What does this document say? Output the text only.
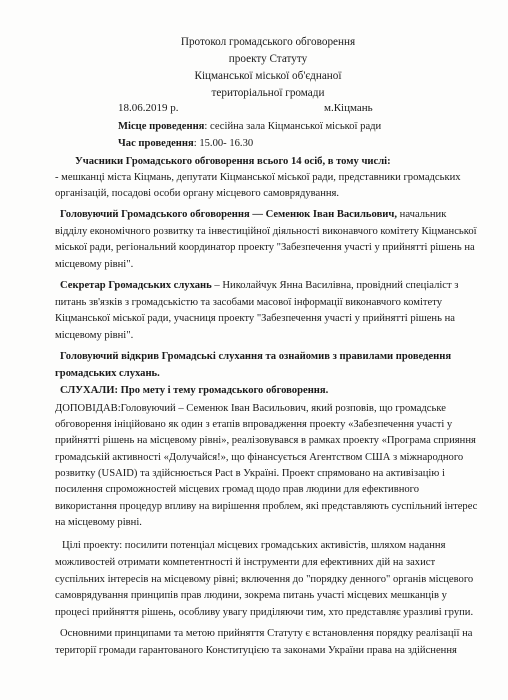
Протокол громадського обговорення
проекту Статуту
Кіцманської міської об'єднаної
територіальної громади
18.06.2019 р.	м.Кіцмань
Місце проведення: сесійна зала Кіцманської міської ради
Час проведення: 15.00- 16.30
Учасники Громадського обговорення всього 14 осіб, в тому числі:
- мешканці міста Кіцмань, депутати Кіцманської міської ради, представники громадських
організацій, посадові особи органу місцевого самоврядування.
Головуючий Громадського обговорення — Семенюк Іван Васильович, начальник
відділу економічного розвитку та інвестиційної діяльності виконавчого комітету Кіцманської
міської ради, регіональний координатор проекту "Забезпечення участі у прийнятті рішень на
місцевому рівні".
Секретар Громадських слухань – Николайчук Янна Василівна, провідний спеціаліст з
питань зв'язків з громадськістю та засобами масової інформації виконавчого комітету
Кіцманської міської ради, учасниця проекту "Забезпечення участі у прийнятті рішень на
місцевому рівні".
Головуючий відкрив Громадські слухання та ознайомив з правилами проведення
громадських слухань.
СЛУХАЛИ: Про мету і тему громадського обговорення.
ДОПОВІДАВ:Головуючий – Семенюк Іван Васильович, який розповів, що громадське
обговорення ініційовано як один з етапів впровадження проекту «Забезпечення участі у
прийнятті рішень на місцевому рівні», реалізовувався в рамках проекту «Програма сприяння
громадській активності «Долучайся!», що фінансується Агентством США з міжнародного
розвитку (USAID) та здійснюється Pact в Україні. Проект спрямовано на активізацію і
посилення спроможностей місцевих громад щодо прав людини для ефективного
використання процедур впливу на вирішення проблем, які представляють суспільний інтерес
на місцевому рівні.
Цілі проекту: посилити потенціал місцевих громадських активістів, шляхом надання
можливостей отримати компетентності й інструменти для ефективних дій на захист
суспільних інтересів на місцевому рівні; включення до "порядку денного" органів місцевого
самоврядування принципів прав людини, зокрема питань участі місцевих мешканців у
процесі прийняття рішень, особливу увагу приділяючи тим, хто представляє уразливі групи.
Основними принципами та метою прийняття Статуту є встановлення порядку реалізації на
території громади гарантованого Конституцією та законами України права на здійснення
